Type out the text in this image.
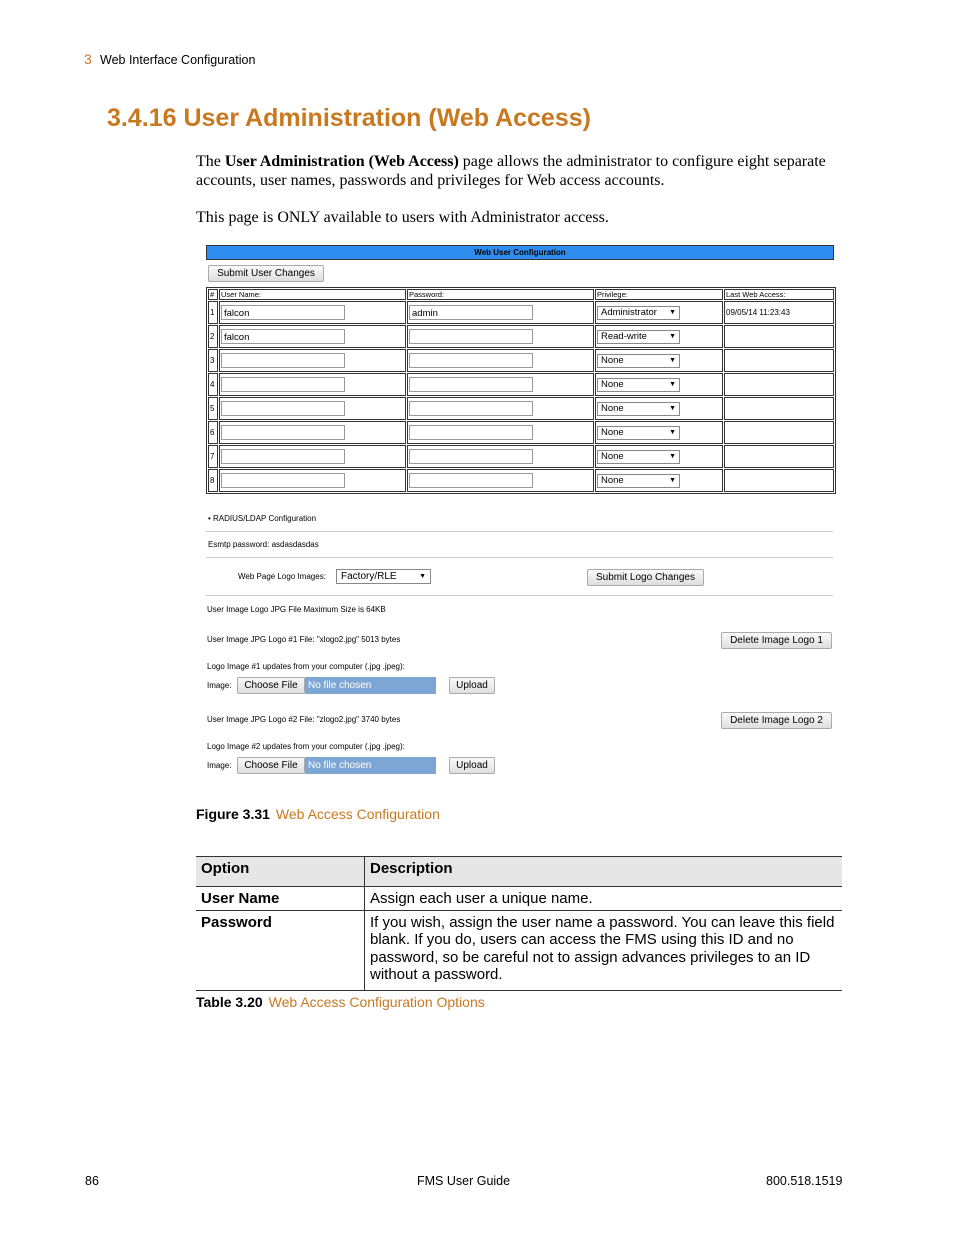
3 Web Interface Configuration
3.4.16 User Administration (Web Access)

The User Administration (Web Access) page allows the administrator to configure eight separate accounts, user names, passwords and privileges for Web access accounts.

This page is ONLY available to users with Administrator access.

Web User Configuration
Submit User Changes
#	User Name:	Password:	Privilege:	Last Web Access:
1	falcon	admin	Administrator ▼	09/05/14 11:23:43
2	falcon		Read-write ▼	

3			None ▼	

4			None ▼	

5			None ▼	

6			None ▼	

7			None ▼	

8			None ▼	

• RADIUS/LDAP Configuration
Esmtp password: asdasdasdas
Web Page Logo Images:	Factory/RLE	▼	Submit Logo Changes
User Image Logo JPG File Maximum Size is 64KB
User Image JPG Logo #1 File: "xlogo2.jpg" 5013 bytes	Delete Image Logo 1
Logo Image #1 updates from your computer (.jpg .jpeg):
Image:	Choose File	No file chosen	Upload
User Image JPG Logo #2 File: "zlogo2.jpg" 3740 bytes	Delete Image Logo 2
Logo Image #2 updates from your computer (.jpg .jpeg):
Image:	Choose File	No file chosen	Upload
Figure 3.31 Web Access Configuration
Option	Description
User Name	Assign each user a unique name.
Password	If you wish, assign the user name a password. You can leave this field blank. If you do, users can access the FMS using this ID and no password, so be careful not to assign advances privileges to an ID without a password.
Table 3.20 Web Access Configuration Options
86	FMS User Guide	800.518.1519
